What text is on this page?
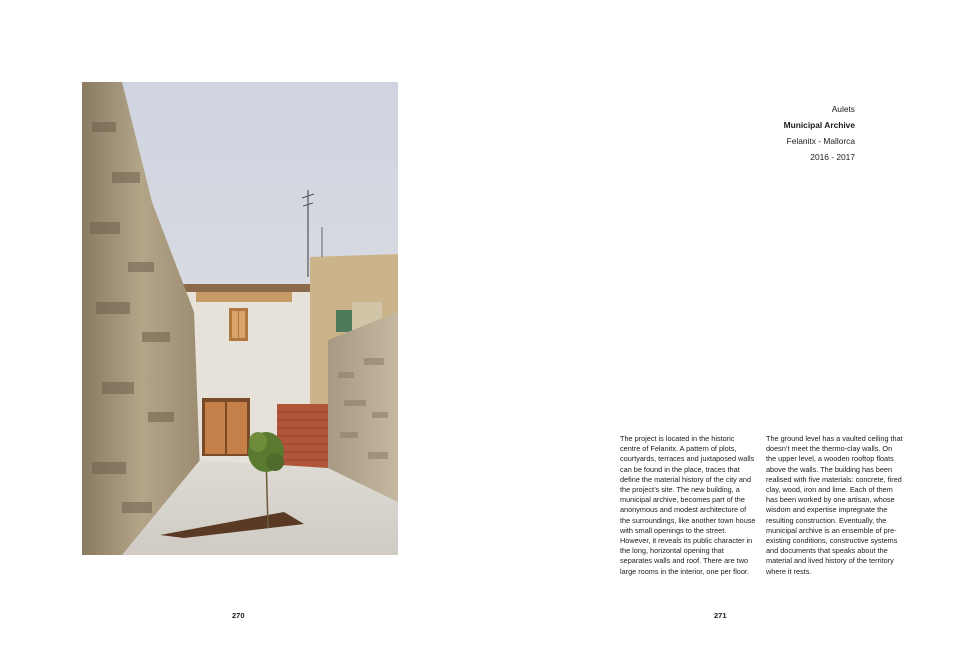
Aulets
Municipal Archive
Felanitx - Mallorca
2016 - 2017
The project is located in the historic centre of Felanitx. A pattern of plots, courtyards, terraces and juxtaposed walls can be found in the place, traces that define the material history of the city and the project’s site. The new building, a municipal archive, becomes part of the anonymous and modest architecture of the surroundings, like another town house with small openings to the street. However, it reveals its public character in the long, horizontal opening that separates walls and roof. There are two large rooms in the interior, one per floor.
The ground level has a vaulted ceiling that doesn’t meet the thermo-clay walls. On the upper level, a wooden rooftop floats above the walls. The building has been realised with five materials: concrete, fired clay, wood, iron and lime. Each of them has been worked by one artisan, whose wisdom and expertise impregnate the resulting construction. Eventually, the municipal archive is an ensemble of pre-existing conditions, constructive systems and documents that speaks about the material and lived history of the territory where it rests.
270	271
